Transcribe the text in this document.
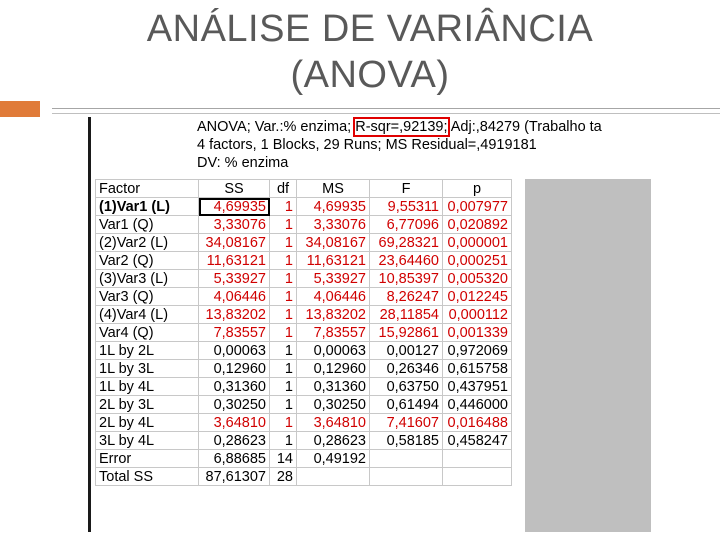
ANÁLISE DE VARIÂNCIA
(ANOVA)
ANOVA; Var.:% enzima; R-sqr=,92139; Adj:,84279 (Trabalho ta
4 factors, 1 Blocks, 29 Runs; MS Residual=,4919181
DV: % enzima
Factor	SS	df	MS	F	p
(1)Var1 (L)	4,69935	1	4,69935	9,55311	0,007977
Var1 (Q)	3,33076	1	3,33076	6,77096	0,020892
(2)Var2 (L)	34,08167	1	34,08167	69,28321	0,000001
Var2 (Q)	11,63121	1	11,63121	23,64460	0,000251
(3)Var3 (L)	5,33927	1	5,33927	10,85397	0,005320
Var3 (Q)	4,06446	1	4,06446	8,26247	0,012245
(4)Var4 (L)	13,83202	1	13,83202	28,11854	0,000112
Var4 (Q)	7,83557	1	7,83557	15,92861	0,001339
1L by 2L	0,00063	1	0,00063	0,00127	0,972069
1L by 3L	0,12960	1	0,12960	0,26346	0,615758
1L by 4L	0,31360	1	0,31360	0,63750	0,437951
2L by 3L	0,30250	1	0,30250	0,61494	0,446000
2L by 4L	3,64810	1	3,64810	7,41607	0,016488
3L by 4L	0,28623	1	0,28623	0,58185	0,458247
Error	6,88685	14	0,49192		
Total SS	87,61307	28			
